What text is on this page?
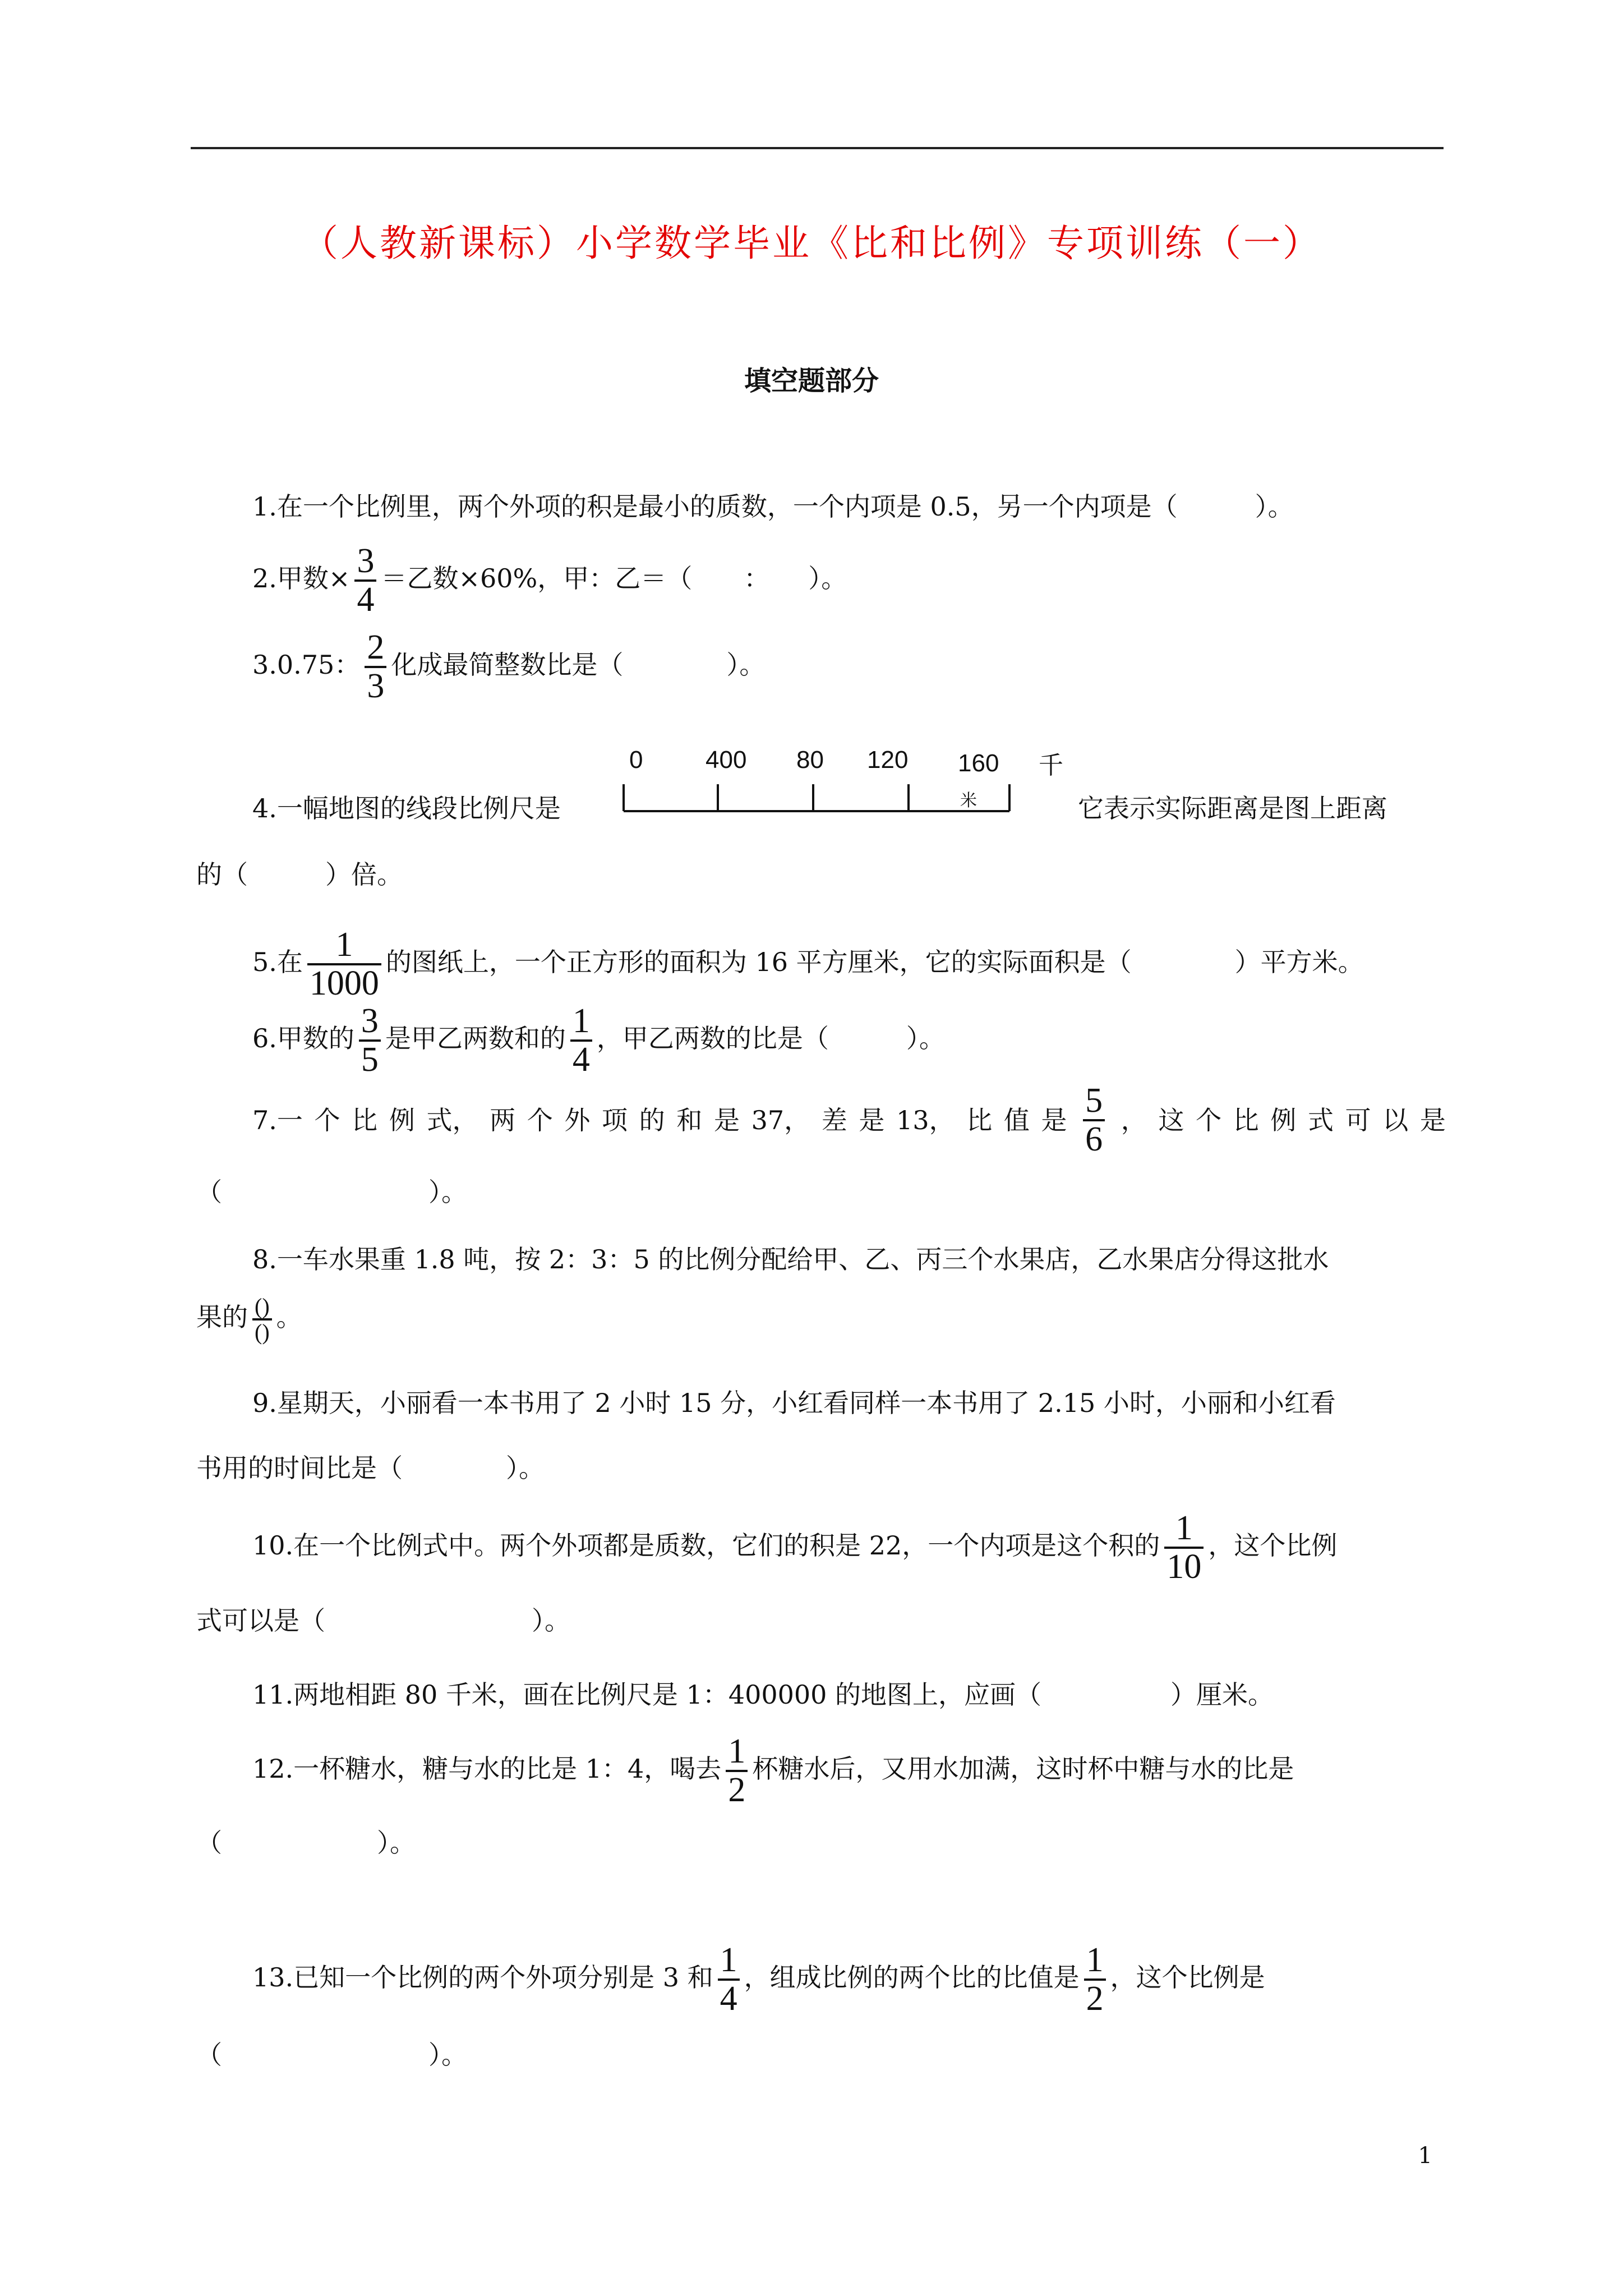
（人教新课标）小学数学毕业《比和比例》专项训练（一）
填空题部分
1.在一个比例里，两个外项的积是最小的质数，一个内项是 0.5，另一个内项是（　　　）。
2.甲数× $\frac{3}{4}$ ＝乙数×60%，甲：乙＝（　　：　　）。
3.0.75： $\frac{2}{3}$ 化成最简整数比是（　　　　）。
4.一幅地图的线段比例尺是	它表示实际距离是图上距离
0	400 80 120 160 千
米
的（　　　）倍。
5.在 $\frac{1}{1000}$ 的图纸上，一个正方形的面积为 16 平方厘米，它的实际面积是（　　　　）平方米。
6.甲数的 $\frac{3}{5}$ 是甲乙两数和的 $\frac{1}{4}$ ，甲乙两数的比是（　　　）。
7.一 个 比 例 式， 两 个 外 项 的 和 是 37， 差 是 13， 比 值 是 $\frac{5}{6}$ ， 这 个 比 例 式 可 以 是
（　　　　　　　　）。
8.一车水果重 1.8 吨，按 2：3：5 的比例分配给甲、乙、丙三个水果店，乙水果店分得这批水
果的 $\frac{()}{()}$ 。
9.星期天，小丽看一本书用了 2 小时 15 分，小红看同样一本书用了 2.15 小时，小丽和小红看
书用的时间比是（　　　　）。
10.在一个比例式中。两个外项都是质数，它们的积是 22，一个内项是这个积的 $\frac{1}{10}$ ，这个比例
式可以是（　　　　　　　　）。
11.两地相距 80 千米，画在比例尺是 1：400000 的地图上，应画（　　　　　）厘米。
12.一杯糖水，糖与水的比是 1：4，喝去 $\frac{1}{2}$ 杯糖水后，又用水加满，这时杯中糖与水的比是
（　　　　　　）。
13.已知一个比例的两个外项分别是 3 和 $\frac{1}{4}$ ，组成比例的两个比的比值是 $\frac{1}{2}$ ，这个比例是
（　　　　　　　　）。
1
